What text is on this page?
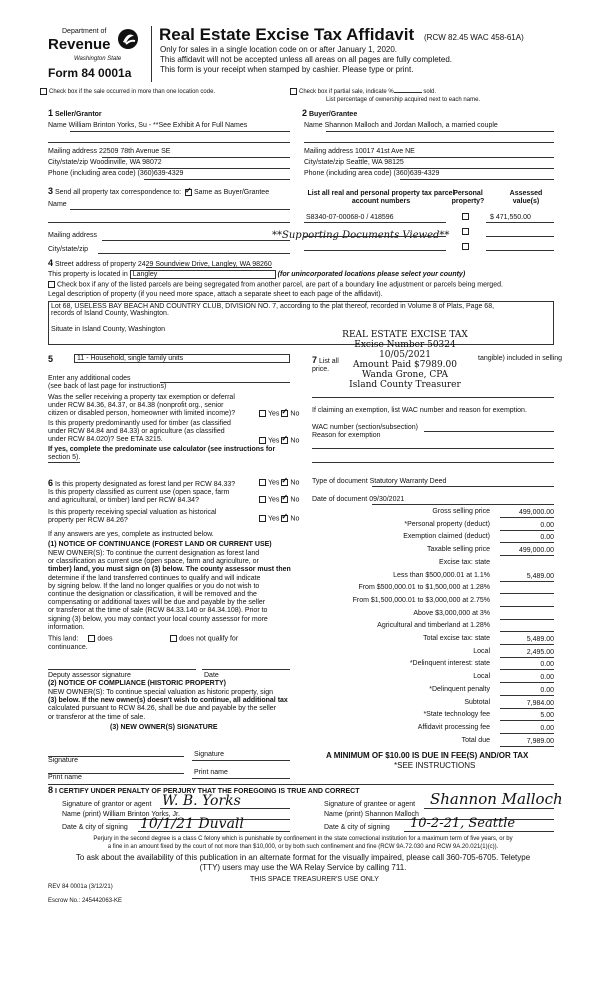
Department of
Revenue
Washington State
Form 84 0001a
Real Estate Excise Tax Affidavit (RCW 82.45 WAC 458-61A)
Only for sales in a single location code on or after January 1, 2020.
This affidavit will not be accepted unless all areas on all pages are fully completed.
This form is your receipt when stamped by cashier. Please type or print.
Check box if the sale occurred in more than one location code.	Check box if partial sale, indicate %	sold.
List percentage of ownership acquired next to each name.
1 Seller/Grantor
Name William Brinton Yorks, Su - **See Exhibit A for Full Names
Mailing address 22509 78th Avenue SE
City/state/zip Woodinville, WA 98072
Phone (including area code) (360)639-4329
2 Buyer/Grantee
Name Shannon Malloch and Jordan Malloch, a married couple
Mailing address 10017 41st Ave NE
City/state/zip Seattle, WA 98125
Phone (including area code) (360)639-4329
3 Send all property tax correspondence to: ✓ Same as Buyer/Grantee
Name
Mailing address
City/state/zip
**Supporting Documents Viewed**
List all real and personal property tax parcel account numbers
Personal property?
Assessed value(s)
S8340-07-00068-0 / 418596	$ 471,550.00
4 Street address of property 2429 Soundview Drive, Langley, WA 98260
This property is located in Langley	(for unincorporated locations please select your county)
Check box if any of the listed parcels are being segregated from another parcel, are part of a boundary line adjustment or parcels being merged.
Legal description of property (if you need more space, attach a separate sheet to each page of the affidavit).
Lot 68, USELESS BAY BEACH AND COUNTRY CLUB, DIVISION NO. 7, according to the plat thereof, recorded in Volume 8 of Plats, Page 68,
records of Island County, Washington.
Situate in Island County, Washington
REAL ESTATE EXCISE TAX
Excise Number 50324
10/05/2021
Amount Paid $7989.00
Wanda Grone, CPA
Island County Treasurer
5	11 - Household, single family units
Enter any additional codes
(see back of last page for instructions)
Was the seller receiving a property tax exemption or deferral
under RCW 84.36, 84.37, or 84.38 (nonprofit org., senior
citizen or disabled person, homeowner with limited income)?	Yes ✓ No
Is this property predominantly used for timber (as classified
under RCW 84.84 and 84.33) or agriculture (as classified
under RCW 84.020)? See ETA 3215.	Yes ✓ No
If yes, complete the predominate use calculator (see instructions for
section 5).
7 List all
price.
tangible) included in selling
If claiming an exemption, list WAC number and reason for exemption.
WAC number (section/subsection)
Reason for exemption
Type of document Statutory Warranty Deed
Date of document 09/30/2021
6 Is this property designated as forest land per RCW 84.33?	Yes ✓ No
Is this property classified as current use (open space, farm
and agricultural, or timber) land per RCW 84.34?	Yes ✓ No
Is this property receiving special valuation as historical
property per RCW 84.26?	Yes ✓ No
If any answers are yes, complete as instructed below.
(1) NOTICE OF CONTINUANCE (FOREST LAND OR CURRENT USE)
NEW OWNER(S): To continue the current designation as forest land
or classification as current use (open space, farm and agriculture, or
timber) land, you must sign on (3) below. The county assessor must then
determine if the land transferred continues to qualify and will indicate
by signing below. If the land no longer qualifies or you do not wish to
continue the designation or classification, it will be removed and the
compensating or additional taxes will be due and payable by the seller
or transferor at the time of sale (RCW 84.33.140 or 84.34.108). Prior to
signing (3) below, you may contact your local county assessor for more
information.
This land:	does	does not qualify for
continuance.
Deputy assessor signature	Date
(2) NOTICE OF COMPLIANCE (HISTORIC PROPERTY)
NEW OWNER(S): To continue special valuation as historic property, sign
(3) below. If the new owner(s) doesn't wish to continue, all additional tax
calculated pursuant to RCW 84.26, shall be due and payable by the seller
or transferor at the time of sale.
(3) NEW OWNER(S) SIGNATURE
Signature
Signature
Print name
Print name
Gross selling price	499,000.00
*Personal property (deduct)	0.00
Exemption claimed (deduct)	0.00
Taxable selling price	499,000.00
Excise tax: state
Less than $500,000.01 at 1.1%	5,489.00
From $500,000.01 to $1,500,000 at 1.28%
From $1,500,000.01 to $3,000,000 at 2.75%
Above $3,000,000 at 3%
Agricultural and timberland at 1.28%
Total excise tax: state	5,489.00
Local	2,495.00
*Delinquent interest: state	0.00
Local	0.00
*Delinquent penalty	0.00
Subtotal	7,984.00
*State technology fee	5.00
Affidavit processing fee	0.00
Total due	7,989.00
A MINIMUM OF $10.00 IS DUE IN FEE(S) AND/OR TAX
*SEE INSTRUCTIONS
8 I CERTIFY UNDER PENALTY OF PERJURY THAT THE FOREGOING IS TRUE AND CORRECT
Signature of grantor or agent W. B. Yorks
Name (print) William Brinton Yorks, Jr.
Date & city of signing 10/1/21 Duvall
Signature of grantee or agent Shannon Malloch
Name (print) Shannon Malloch
Date & city of signing 10-2-21, Seattle
Perjury in the second degree is a class C felony which is punishable by confinement in the state correctional institution for a maximum term of five years, or by
a fine in an amount fixed by the court of not more than $10,000, or by both such confinement and fine (RCW 9A.72.030 and RCW 9A.20.021(1)(c)).
To ask about the availability of this publication in an alternate format for the visually impaired, please call 360-705-6705. Teletype
(TTY) users may use the WA Relay Service by calling 711.
THIS SPACE TREASURER'S USE ONLY
REV 84 0001a (3/12/21)
Escrow No.: 245442063-KE
